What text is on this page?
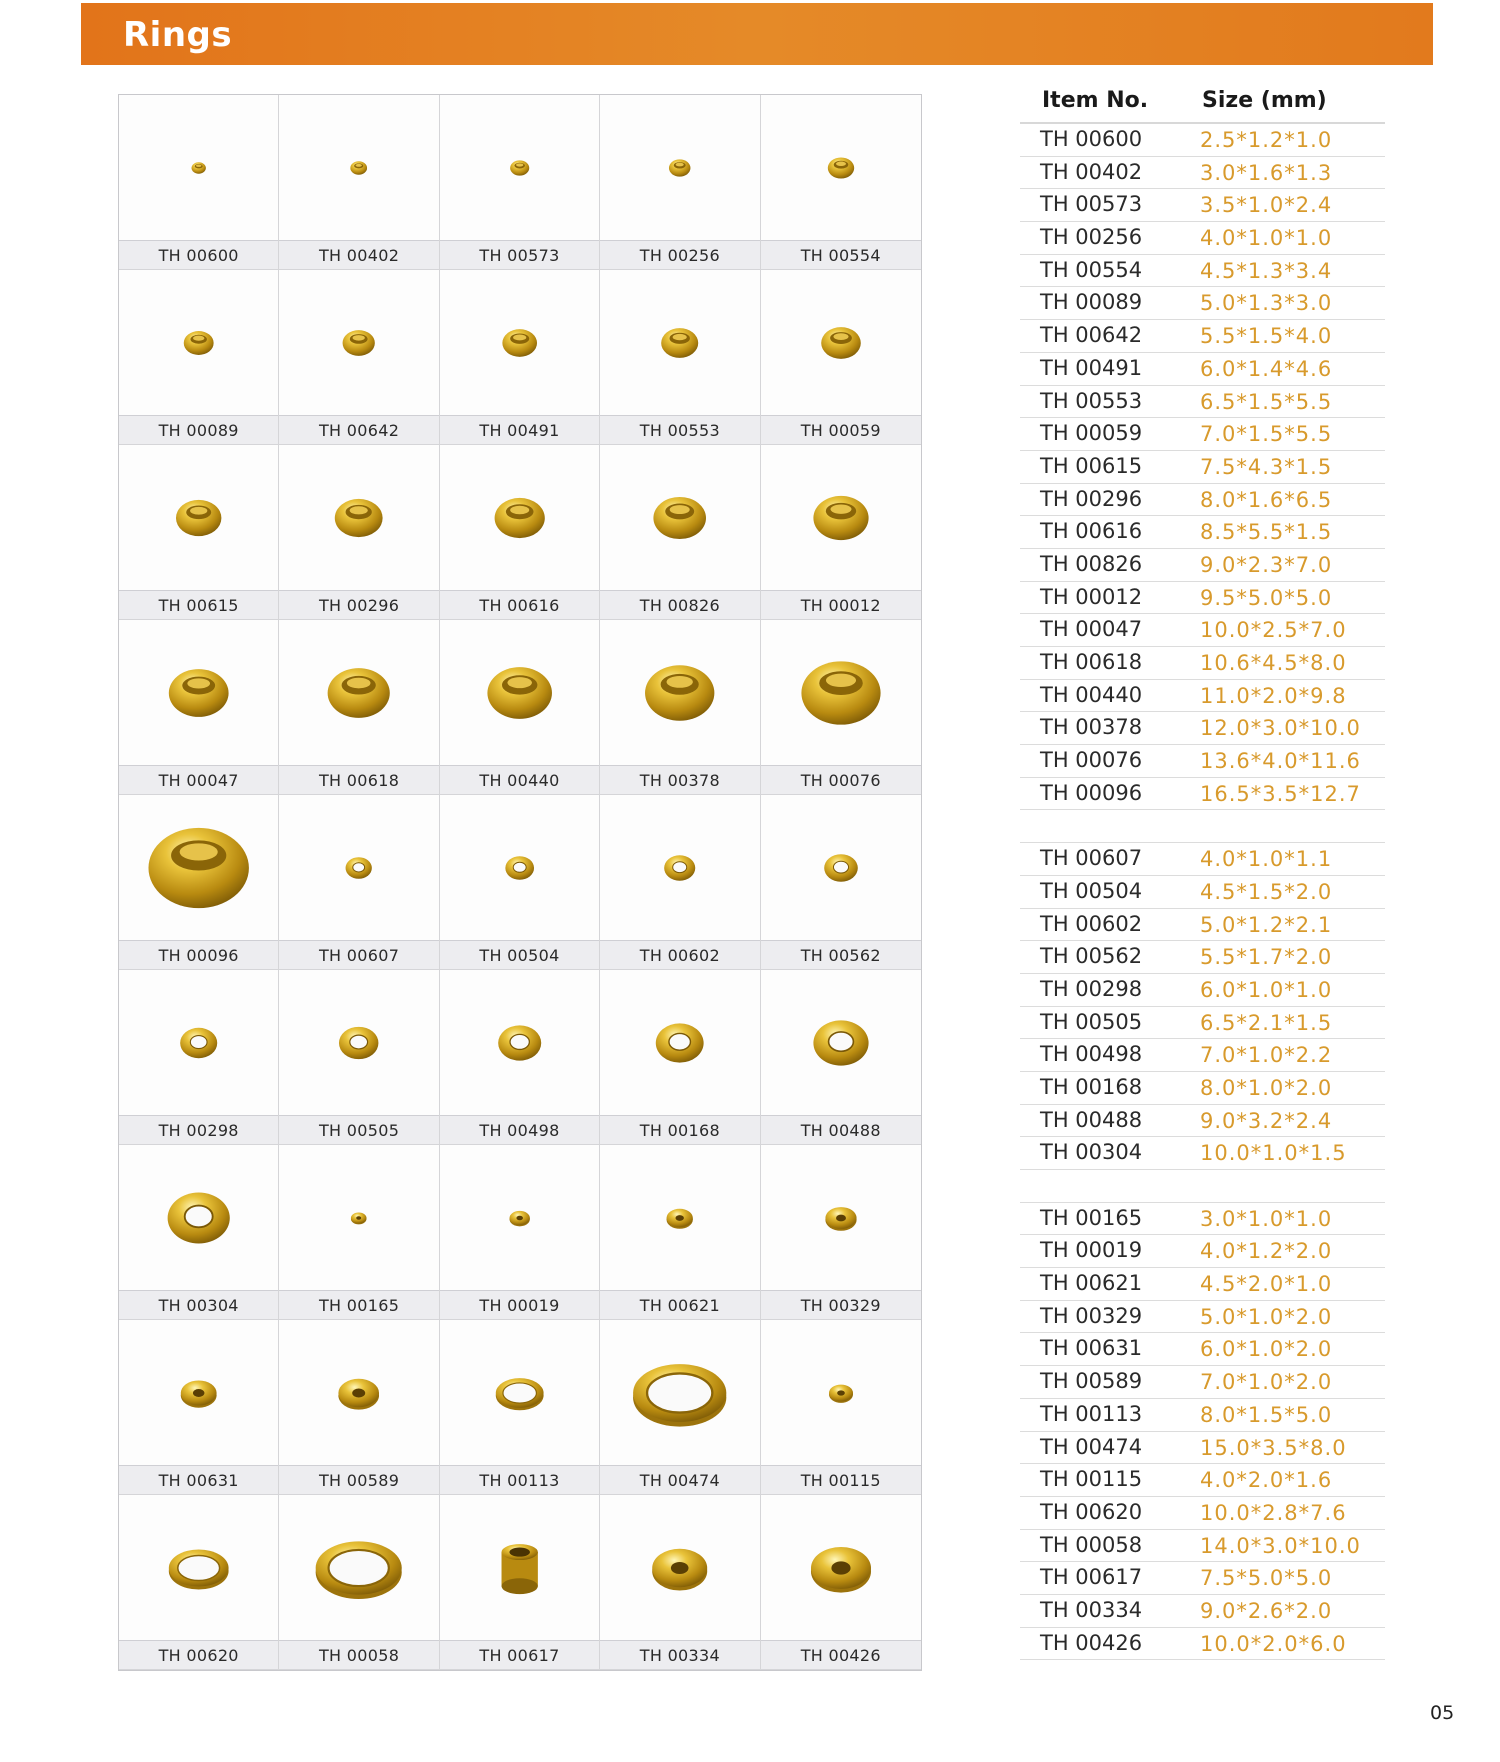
Rings
TH 00600	TH 00402	TH 00573	TH 00256	TH 00554
TH 00089	TH 00642	TH 00491	TH 00553	TH 00059
TH 00615	TH 00296	TH 00616	TH 00826	TH 00012
TH 00047	TH 00618	TH 00440	TH 00378	TH 00076
TH 00096	TH 00607	TH 00504	TH 00602	TH 00562
TH 00298	TH 00505	TH 00498	TH 00168	TH 00488
TH 00304	TH 00165	TH 00019	TH 00621	TH 00329
TH 00631	TH 00589	TH 00113	TH 00474	TH 00115
TH 00620	TH 00058	TH 00617	TH 00334	TH 00426
Item No. Size (mm)
TH 00600	2.5*1.2*1.0
TH 00402	3.0*1.6*1.3
TH 00573	3.5*1.0*2.4
TH 00256	4.0*1.0*1.0
TH 00554	4.5*1.3*3.4
TH 00089	5.0*1.3*3.0
TH 00642	5.5*1.5*4.0
TH 00491	6.0*1.4*4.6
TH 00553	6.5*1.5*5.5
TH 00059	7.0*1.5*5.5
TH 00615	7.5*4.3*1.5
TH 00296	8.0*1.6*6.5
TH 00616	8.5*5.5*1.5
TH 00826	9.0*2.3*7.0
TH 00012	9.5*5.0*5.0
TH 00047	10.0*2.5*7.0
TH 00618	10.6*4.5*8.0
TH 00440	11.0*2.0*9.8
TH 00378	12.0*3.0*10.0
TH 00076	13.6*4.0*11.6
TH 00096	16.5*3.5*12.7
TH 00607	4.0*1.0*1.1
TH 00504	4.5*1.5*2.0
TH 00602	5.0*1.2*2.1
TH 00562	5.5*1.7*2.0
TH 00298	6.0*1.0*1.0
TH 00505	6.5*2.1*1.5
TH 00498	7.0*1.0*2.2
TH 00168	8.0*1.0*2.0
TH 00488	9.0*3.2*2.4
TH 00304	10.0*1.0*1.5
TH 00165	3.0*1.0*1.0
TH 00019	4.0*1.2*2.0
TH 00621	4.5*2.0*1.0
TH 00329	5.0*1.0*2.0
TH 00631	6.0*1.0*2.0
TH 00589	7.0*1.0*2.0
TH 00113	8.0*1.5*5.0
TH 00474	15.0*3.5*8.0
TH 00115	4.0*2.0*1.6
TH 00620	10.0*2.8*7.6
TH 00058	14.0*3.0*10.0
TH 00617	7.5*5.0*5.0
TH 00334	9.0*2.6*2.0
TH 00426	10.0*2.0*6.0
05
